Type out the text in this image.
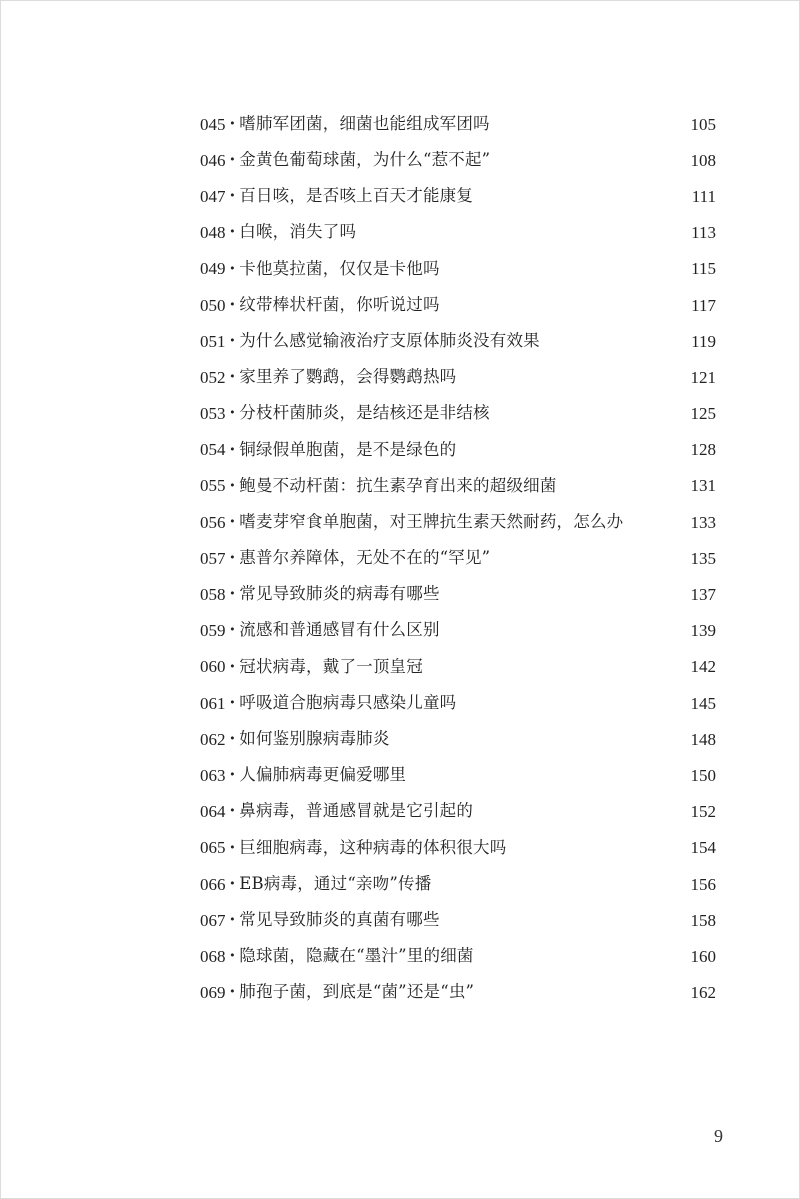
045 · 嗜肺军团菌，细菌也能组成军团吗	105
046 · 金黄色葡萄球菌，为什么“惹不起”	108
047 · 百日咳，是否咳上百天才能康复	111
048 · 白喉，消失了吗	113
049 · 卡他莫拉菌，仅仅是卡他吗	115
050 · 纹带棒状杆菌，你听说过吗	117
051 · 为什么感觉输液治疗支原体肺炎没有效果	119
052 · 家里养了鹦鹉，会得鹦鹉热吗	121
053 · 分枝杆菌肺炎，是结核还是非结核	125
054 · 铜绿假单胞菌，是不是绿色的	128
055 · 鲍曼不动杆菌：抗生素孕育出来的超级细菌	131
056 · 嗜麦芽窄食单胞菌，对王牌抗生素天然耐药，怎么办	133
057 · 惠普尔养障体，无处不在的“罕见”	135
058 · 常见导致肺炎的病毒有哪些	137
059 · 流感和普通感冒有什么区别	139
060 · 冠状病毒，戴了一顶皇冠	142
061 · 呼吸道合胞病毒只感染儿童吗	145
062 · 如何鉴别腺病毒肺炎	148
063 · 人偏肺病毒更偏爱哪里	150
064 · 鼻病毒，普通感冒就是它引起的	152
065 · 巨细胞病毒，这种病毒的体积很大吗	154
066 · EB病毒，通过“亲吻”传播	156
067 · 常见导致肺炎的真菌有哪些	158
068 · 隐球菌，隐藏在“墨汁”里的细菌	160
069 · 肺孢子菌，到底是“菌”还是“虫”	162
9
